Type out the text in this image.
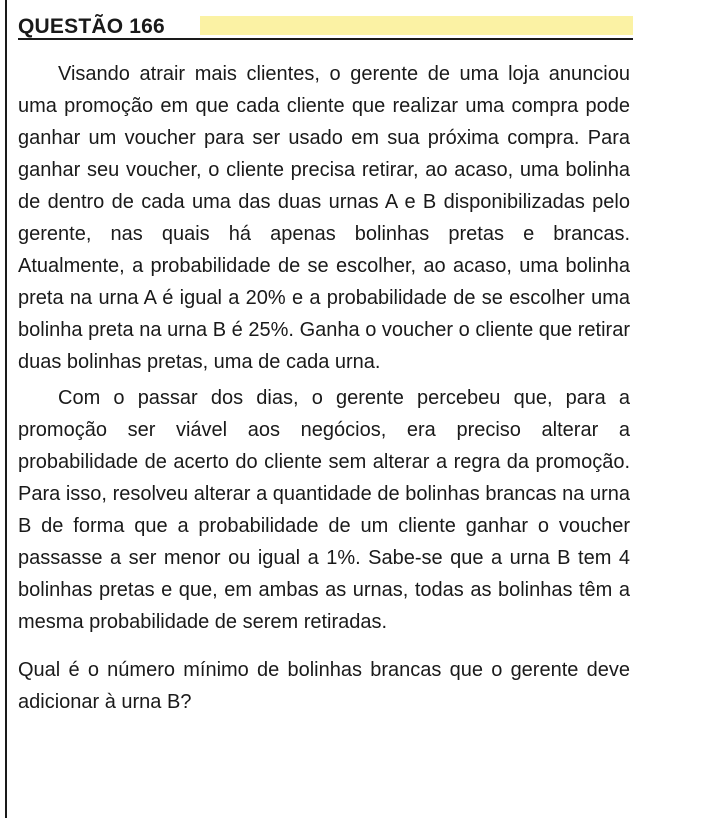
QUESTÃO 166

Visando atrair mais clientes, o gerente de uma loja anunciou uma promoção em que cada cliente que realizar uma compra pode ganhar um voucher para ser usado em sua próxima compra. Para ganhar seu voucher, o cliente precisa retirar, ao acaso, uma bolinha de dentro de cada uma das duas urnas A e B disponibilizadas pelo gerente, nas quais há apenas bolinhas pretas e brancas. Atualmente, a probabilidade de se escolher, ao acaso, uma bolinha preta na urna A é igual a 20% e a probabilidade de se escolher uma bolinha preta na urna B é 25%. Ganha o voucher o cliente que retirar duas bolinhas pretas, uma de cada urna.

Com o passar dos dias, o gerente percebeu que, para a promoção ser viável aos negócios, era preciso alterar a probabilidade de acerto do cliente sem alterar a regra da promoção. Para isso, resolveu alterar a quantidade de bolinhas brancas na urna B de forma que a probabilidade de um cliente ganhar o voucher passasse a ser menor ou igual a 1%. Sabe-se que a urna B tem 4 bolinhas pretas e que, em ambas as urnas, todas as bolinhas têm a mesma probabilidade de serem retiradas.

Qual é o número mínimo de bolinhas brancas que o gerente deve adicionar à urna B?
